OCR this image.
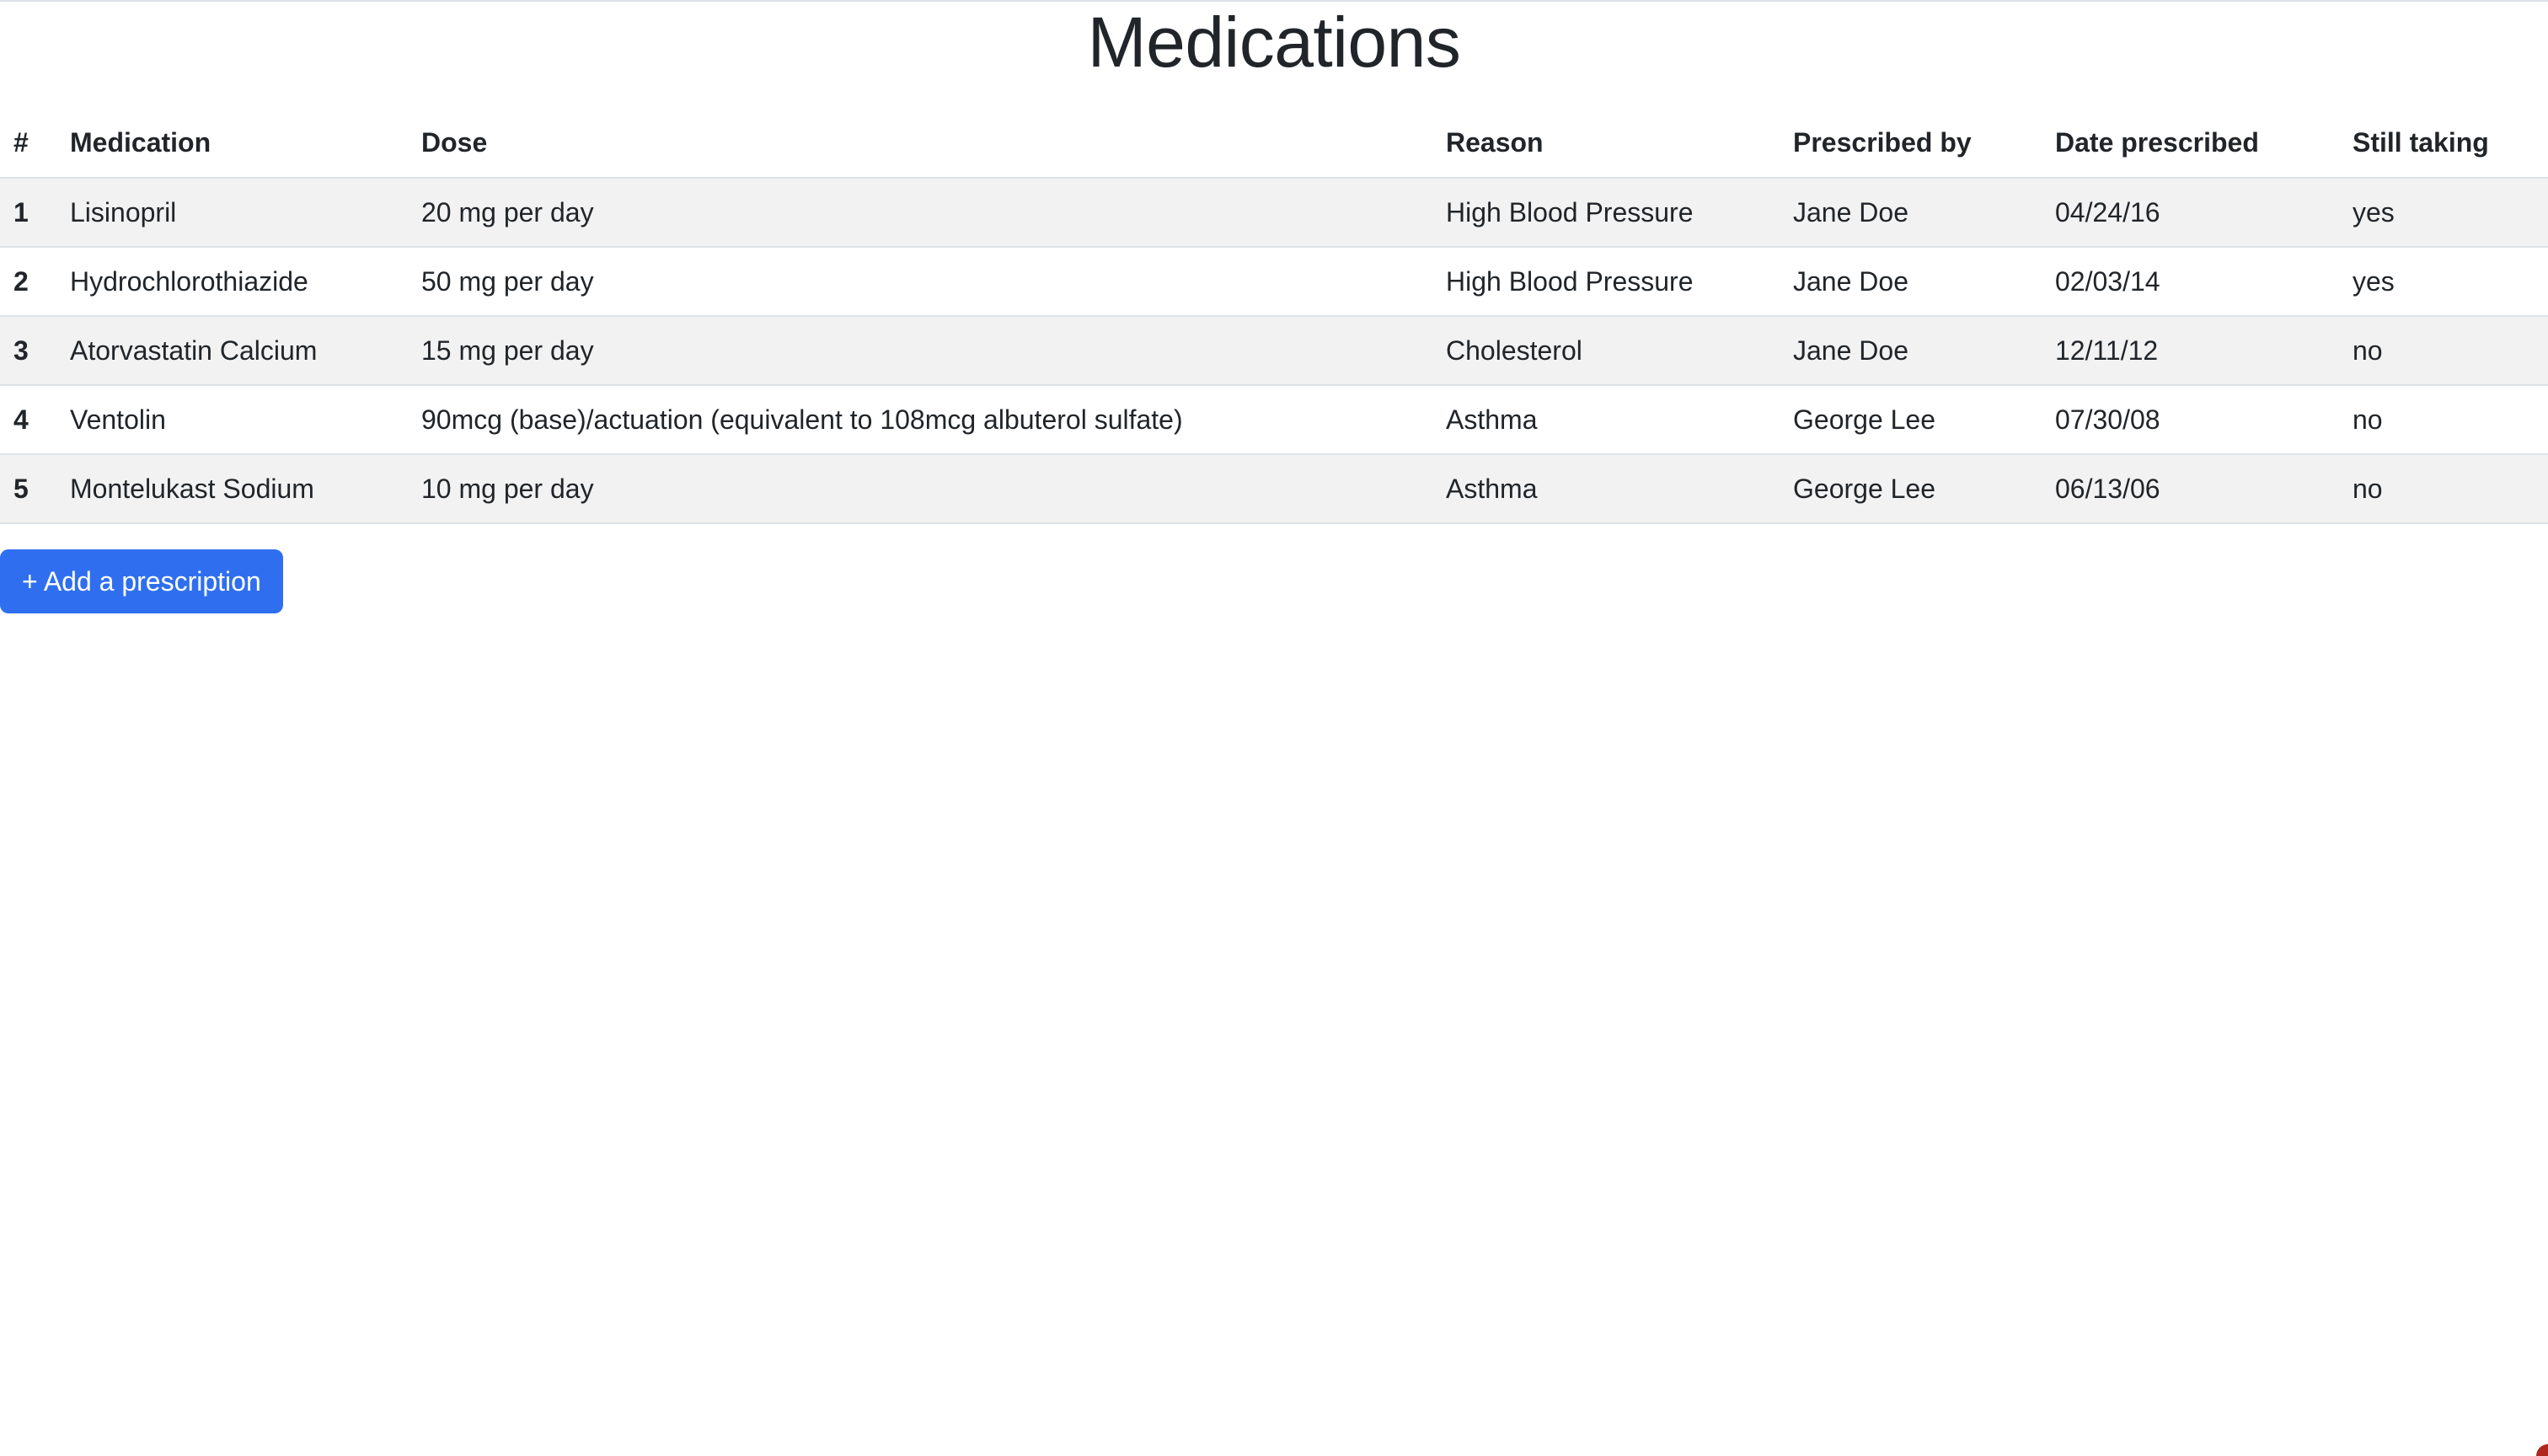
Medications
#	Medication	Dose	Reason	Prescribed by	Date prescribed	Still taking
1	Lisinopril	20 mg per day	High Blood Pressure	Jane Doe	04/24/16	yes
2	Hydrochlorothiazide	50 mg per day	High Blood Pressure	Jane Doe	02/03/14	yes
3	Atorvastatin Calcium	15 mg per day	Cholesterol	Jane Doe	12/11/12	no
4	Ventolin	90mcg (base)/actuation (equivalent to 108mcg albuterol sulfate)	Asthma	George Lee	07/30/08	no
5	Montelukast Sodium	10 mg per day	Asthma	George Lee	06/13/06	no
+ Add a prescription
